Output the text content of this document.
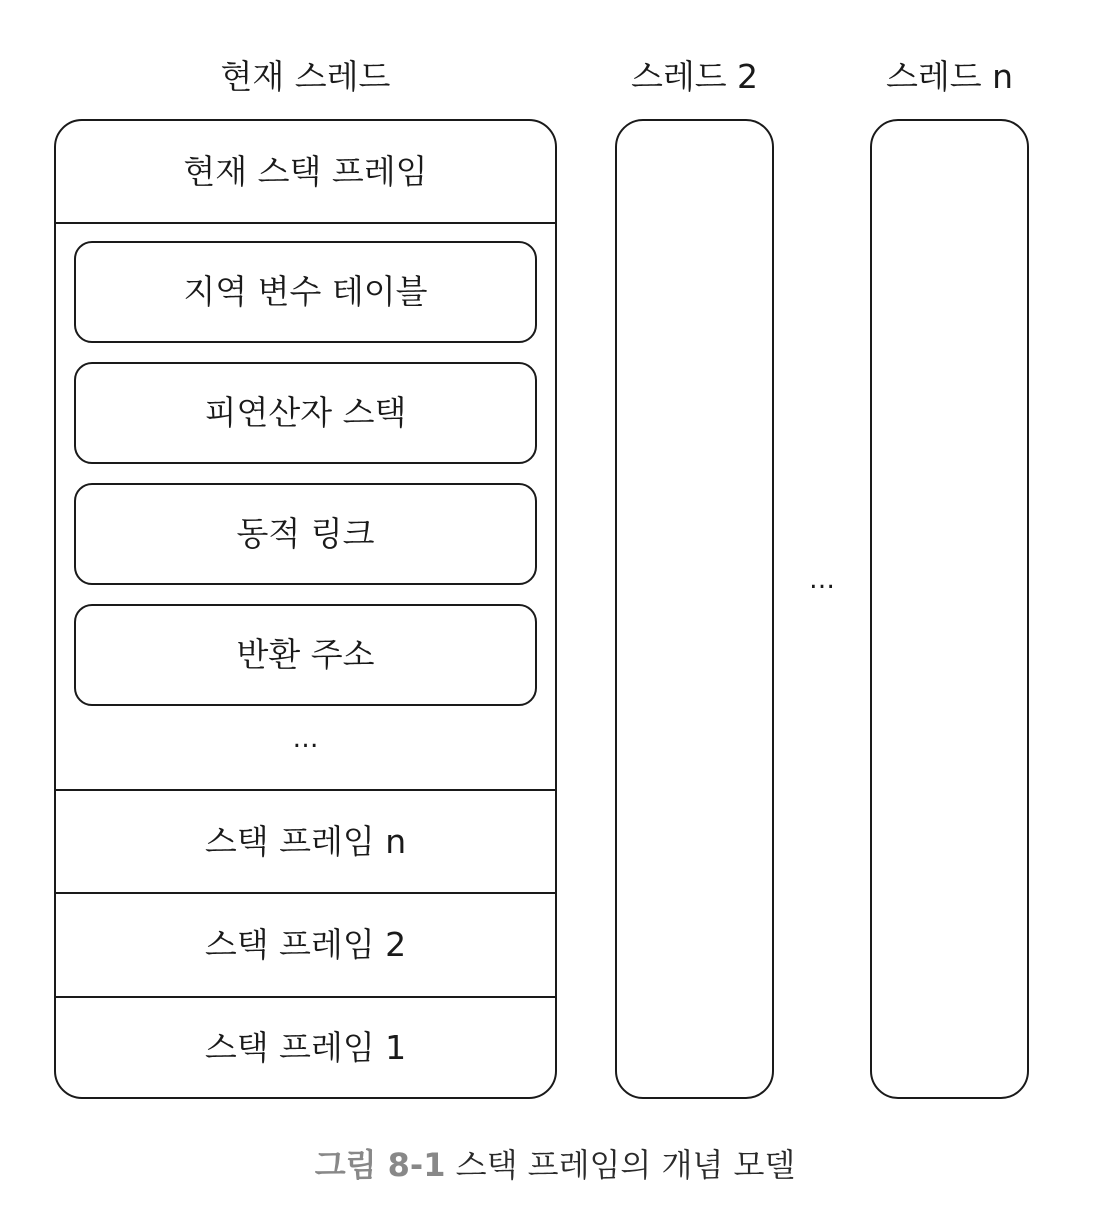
현재 스레드	스레드 2	스레드 n
현재 스택 프레임
지역 변수 테이블
피연산자 스택
동적 링크
반환 주소
…
스택 프레임 n
스택 프레임 2
스택 프레임 1
…
그림 8-1 스택 프레임의 개념 모델
